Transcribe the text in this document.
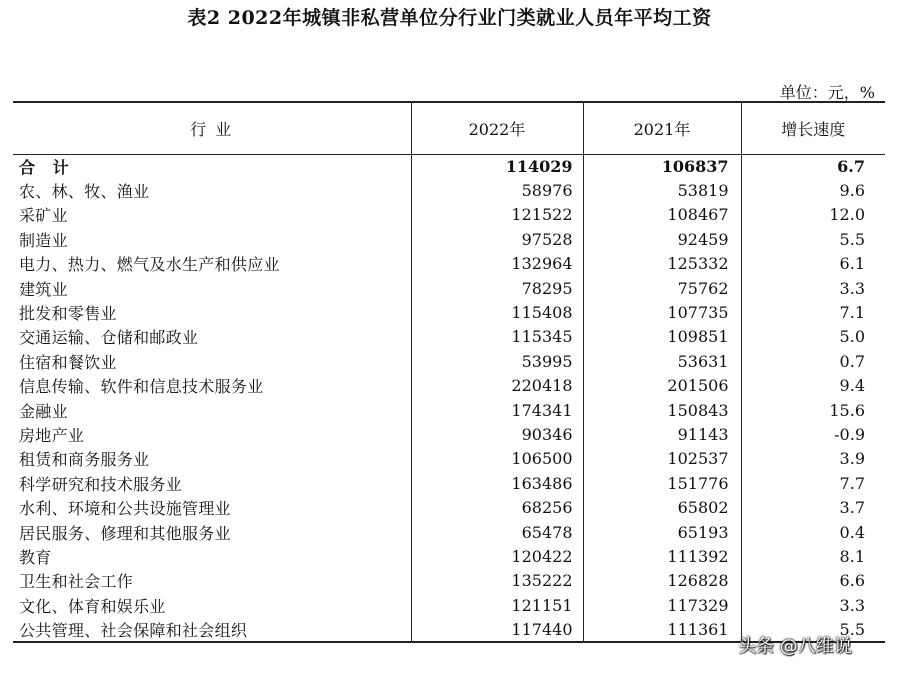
表2 2022年城镇非私营单位分行业门类就业人员年平均工资
单位：元，%
行 业	2022年	2021年	增长速度
合 计	114029	106837	6.7
农、林、牧、渔业	58976	53819	9.6
采矿业	121522	108467	12.0
制造业	97528	92459	5.5
电力、热力、燃气及水生产和供应业	132964	125332	6.1
建筑业	78295	75762	3.3
批发和零售业	115408	107735	7.1
交通运输、仓储和邮政业	115345	109851	5.0
住宿和餐饮业	53995	53631	0.7
信息传输、软件和信息技术服务业	220418	201506	9.4
金融业	174341	150843	15.6
房地产业	90346	91143	-0.9
租赁和商务服务业	106500	102537	3.9
科学研究和技术服务业	163486	151776	7.7
水利、环境和公共设施管理业	68256	65802	3.7
居民服务、修理和其他服务业	65478	65193	0.4
教育	120422	111392	8.1
卫生和社会工作	135222	126828	6.6
文化、体育和娱乐业	121151	117329	3.3
公共管理、社会保障和社会组织	117440	111361	5.5
头条 @八维说
